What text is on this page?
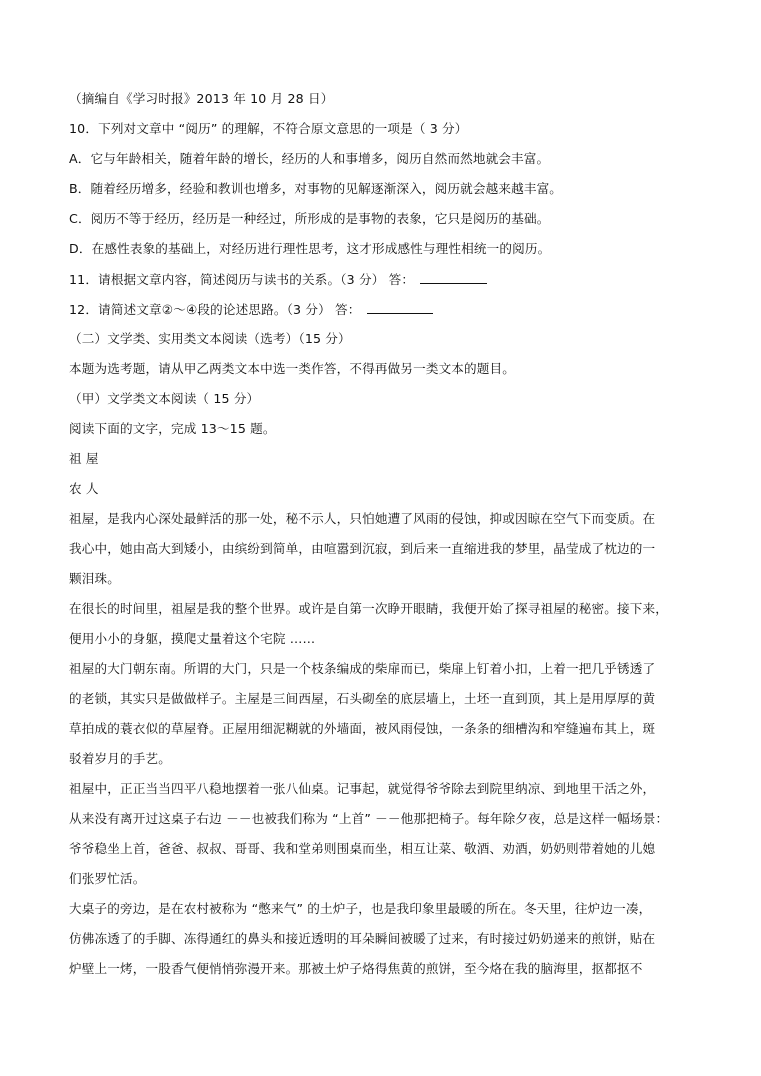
（摘编自《学习时报》2013 年 10 月 28 日）
10．下列对文章中 “阅历” 的理解，不符合原文意思的一项是（ 3 分）
A．它与年龄相关，随着年龄的增长，经历的人和事增多，阅历自然而然地就会丰富。
B．随着经历增多，经验和教训也增多，对事物的见解逐渐深入，阅历就会越来越丰富。
C．阅历不等于经历，经历是一种经过，所形成的是事物的表象，它只是阅历的基础。
D．在感性表象的基础上，对经历进行理性思考，这才形成感性与理性相统一的阅历。
11．请根据文章内容，简述阅历与读书的关系。（3 分） 答：
12．请简述文章②～④段的论述思路。（3 分） 答：
（二）文学类、实用类文本阅读（选考）（15 分）
本题为选考题，请从甲乙两类文本中选一类作答，不得再做另一类文本的题目。
（甲）文学类文本阅读（ 15 分）
阅读下面的文字，完成 13～15 题。
祖 屋
农 人
祖屋，是我内心深处最鲜活的那一处，秘不示人，只怕她遭了风雨的侵蚀，抑或因晾在空气下而变质。在
我心中，她由高大到矮小，由缤纷到简单，由喧嚣到沉寂，到后来一直缩进我的梦里，晶莹成了枕边的一
颗泪珠。
在很长的时间里，祖屋是我的整个世界。或许是自第一次睁开眼睛，我便开始了探寻祖屋的秘密。接下来，
便用小小的身躯，摸爬丈量着这个宅院 ……
祖屋的大门朝东南。所谓的大门，只是一个枝条编成的柴扉而已，柴扉上钉着小扣，上着一把几乎锈透了
的老锁，其实只是做做样子。主屋是三间西屋，石头砌垒的底层墙上，土坯一直到顶，其上是用厚厚的黄
草拍成的蓑衣似的草屋脊。正屋用细泥糊就的外墙面，被风雨侵蚀，一条条的细槽沟和窄缝遍布其上，斑
驳着岁月的手艺。
祖屋中，正正当当四平八稳地摆着一张八仙桌。记事起，就觉得爷爷除去到院里纳凉、到地里干活之外，
从来没有离开过这桌子右边 －－也被我们称为 “上首” －－他那把椅子。每年除夕夜，总是这样一幅场景：
爷爷稳坐上首，爸爸、叔叔、哥哥、我和堂弟则围桌而坐，相互让菜、敬酒、劝酒，奶奶则带着她的儿媳
们张罗忙活。
大桌子的旁边，是在农村被称为 “憋来气” 的土炉子，也是我印象里最暖的所在。冬天里，往炉边一凑，
仿佛冻透了的手脚、冻得通红的鼻头和接近透明的耳朵瞬间被暖了过来，有时接过奶奶递来的煎饼，贴在
炉壁上一烤，一股香气便悄悄弥漫开来。那被土炉子烙得焦黄的煎饼，至今烙在我的脑海里，抠都抠不
